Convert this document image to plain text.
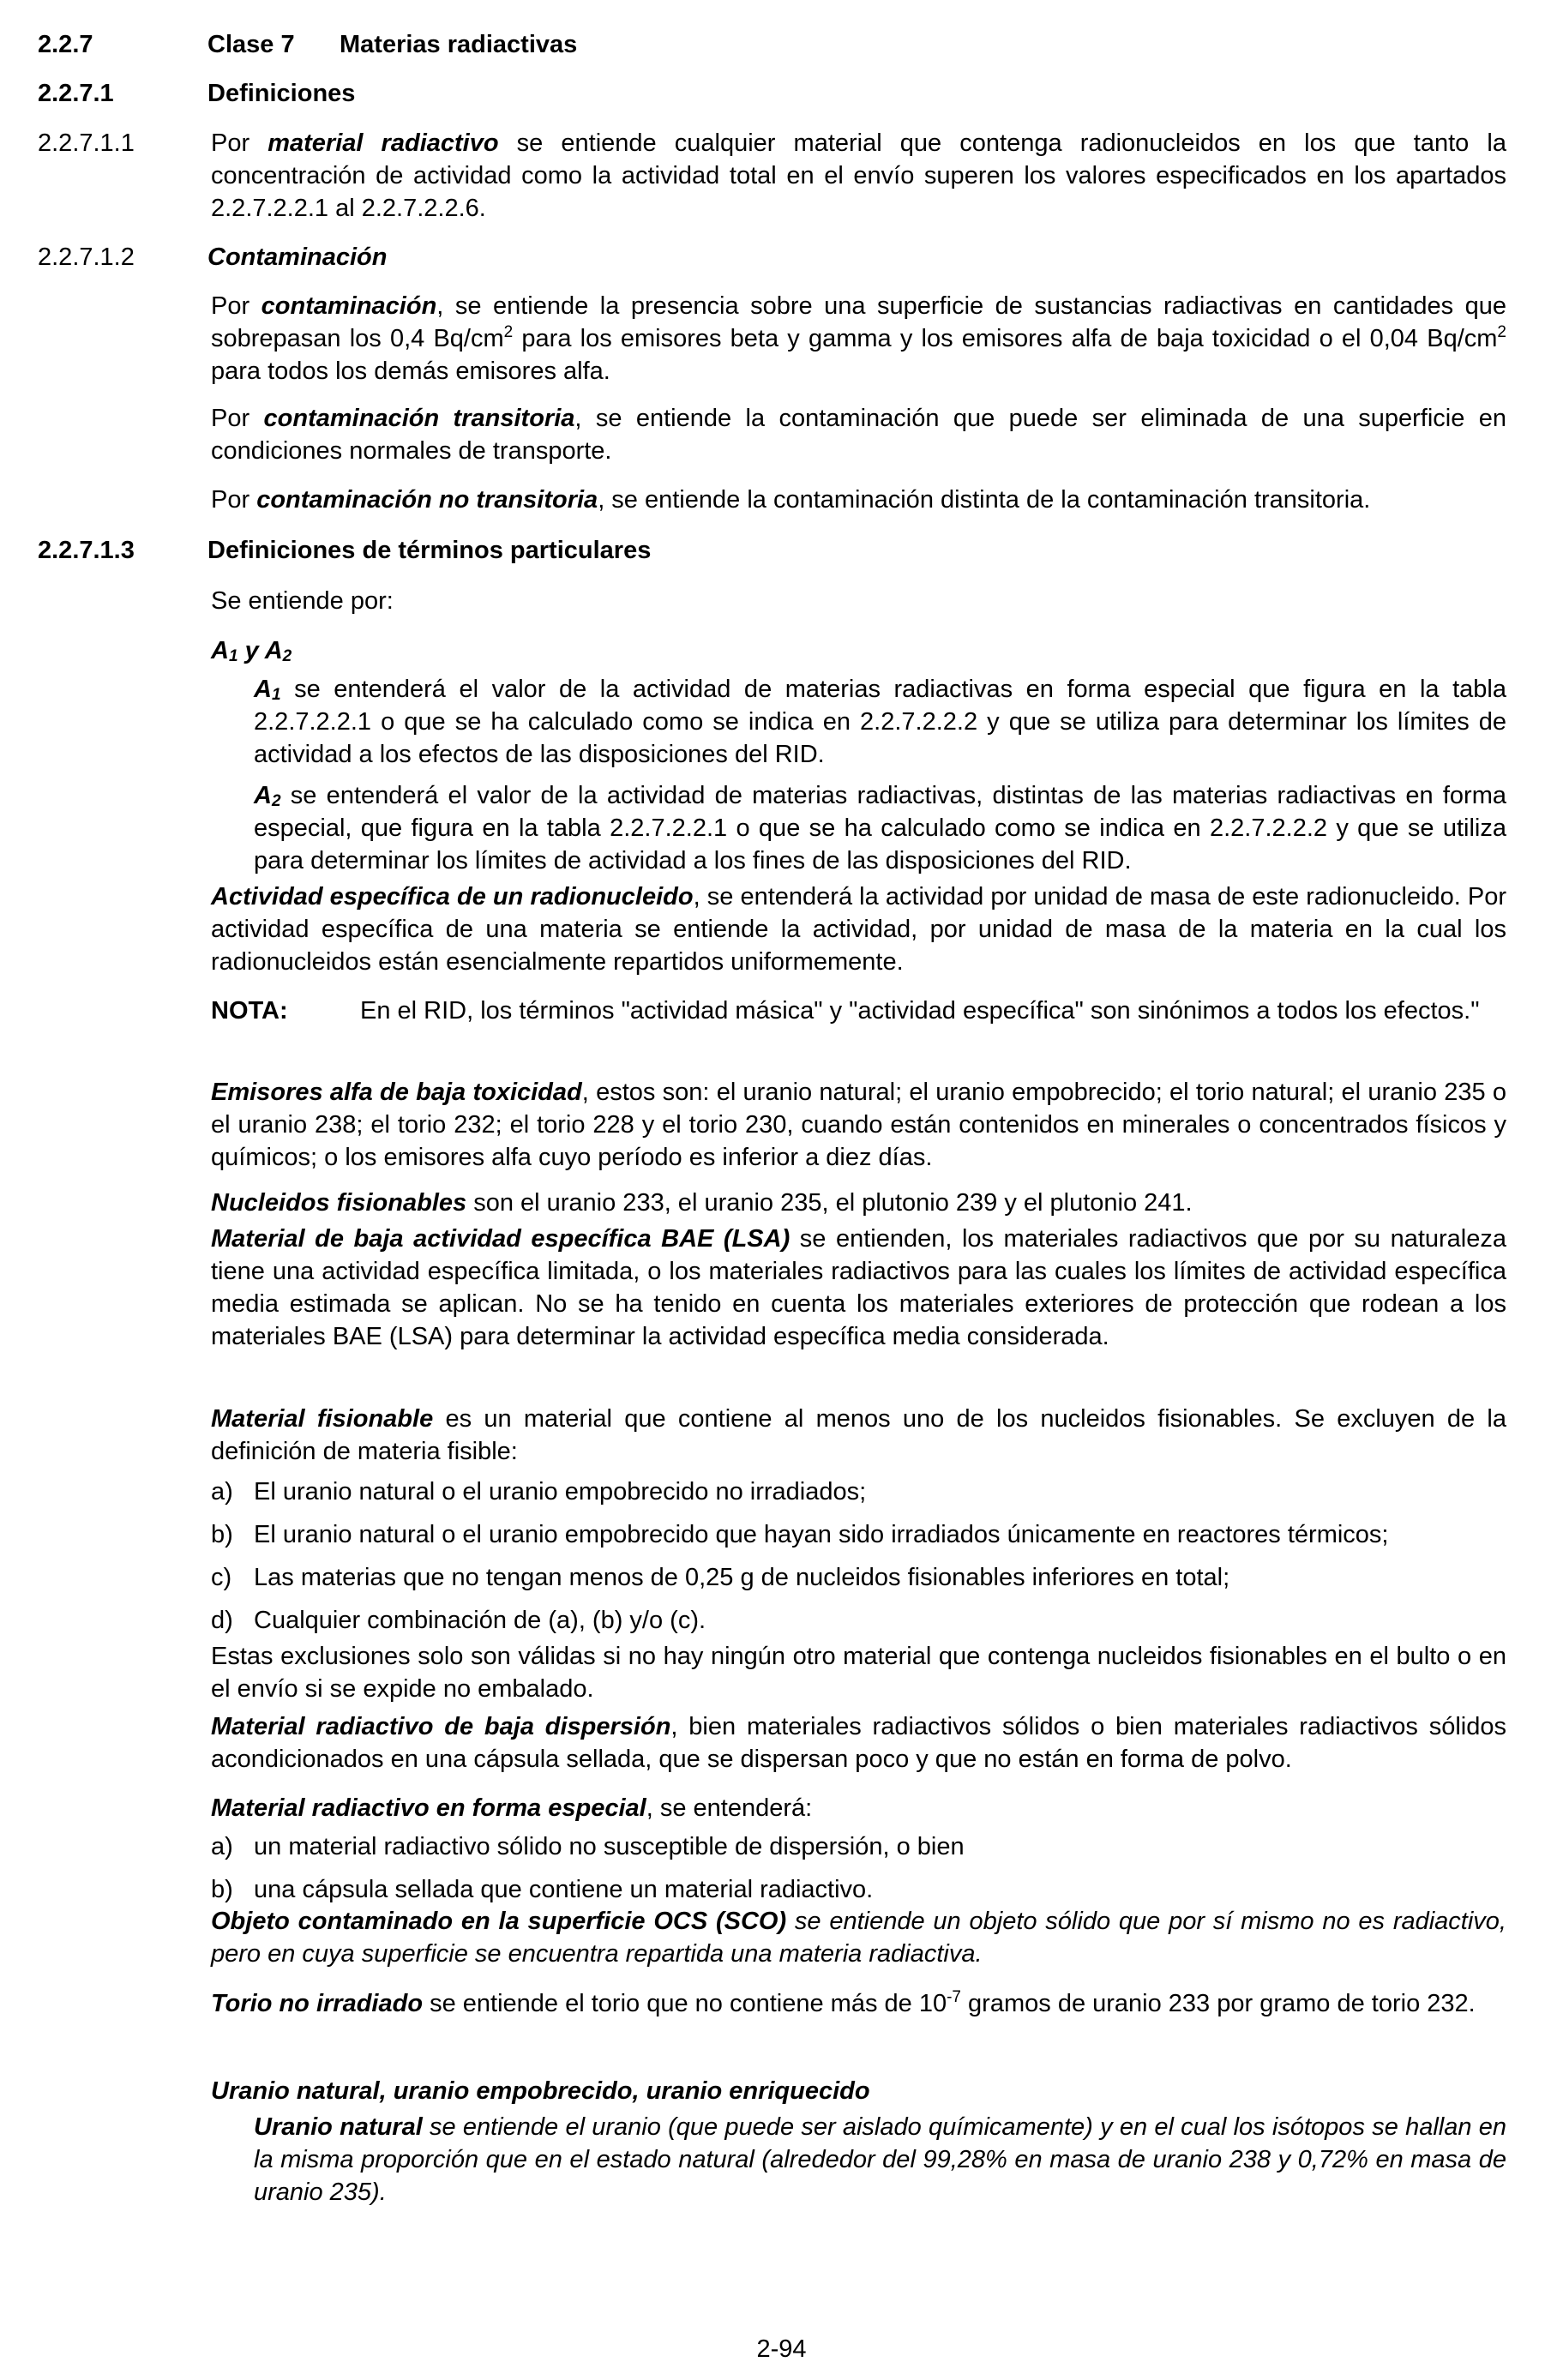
2.2.7	Clase 7 Materias radiactivas
2.2.7.1	Definiciones
2.2.7.1.1	Por material radiactivo se entiende cualquier material que contenga radionucleidos en los que tanto la concentración de actividad como la actividad total en el envío superen los valores especificados en los apartados 2.2.7.2.2.1 al 2.2.7.2.2.6.
2.2.7.1.2	Contaminación
Por contaminación, se entiende la presencia sobre una superficie de sustancias radiactivas en cantidades que sobrepasan los 0,4 $Bq/cm^2$ para los emisores beta y gamma y los emisores alfa de baja toxicidad o el 0,04 $Bq/cm^2$ para todos los demás emisores alfa.
Por contaminación transitoria, se entiende la contaminación que puede ser eliminada de una superficie en condiciones normales de transporte.
Por contaminación no transitoria, se entiende la contaminación distinta de la contaminación transitoria.
2.2.7.1.3	Definiciones de términos particulares
Se entiende por:
$A_1$ y $A_2$
$A_1$ se entenderá el valor de la actividad de materias radiactivas en forma especial que figura en la tabla 2.2.7.2.2.1 o que se ha calculado como se indica en 2.2.7.2.2.2 y que se utiliza para determinar los límites de actividad a los efectos de las disposiciones del RID.
$A_2$ se entenderá el valor de la actividad de materias radiactivas, distintas de las materias radiactivas en forma especial, que figura en la tabla 2.2.7.2.2.1 o que se ha calculado como se indica en 2.2.7.2.2.2 y que se utiliza para determinar los límites de actividad a los fines de las disposiciones del RID.
Actividad específica de un radionucleido, se entenderá la actividad por unidad de masa de este radionucleido. Por actividad específica de una materia se entiende la actividad, por unidad de masa de la materia en la cual los radionucleidos están esencialmente repartidos uniformemente.
NOTA:	En el RID, los términos "actividad másica" y "actividad específica" son sinónimos a todos los efectos."
Emisores alfa de baja toxicidad, estos son: el uranio natural; el uranio empobrecido; el torio natural; el uranio 235 o el uranio 238; el torio 232; el torio 228 y el torio 230, cuando están contenidos en minerales o concentrados físicos y químicos; o los emisores alfa cuyo período es inferior a diez días.
Nucleidos fisionables son el uranio 233, el uranio 235, el plutonio 239 y el plutonio 241.
Material de baja actividad específica BAE (LSA) se entienden, los materiales radiactivos que por su naturaleza tiene una actividad específica limitada, o los materiales radiactivos para las cuales los límites de actividad específica media estimada se aplican. No se ha tenido en cuenta los materiales exteriores de protección que rodean a los materiales BAE (LSA) para determinar la actividad específica media considerada.
Material fisionable es un material que contiene al menos uno de los nucleidos fisionables. Se excluyen de la definición de materia fisible:
a) El uranio natural o el uranio empobrecido no irradiados;
b) El uranio natural o el uranio empobrecido que hayan sido irradiados únicamente en reactores térmicos;
c) Las materias que no tengan menos de 0,25 g de nucleidos fisionables inferiores en total;
d) Cualquier combinación de (a), (b) y/o (c).
Estas exclusiones solo son válidas si no hay ningún otro material que contenga nucleidos fisionables en el bulto o en el envío si se expide no embalado.
Material radiactivo de baja dispersión, bien materiales radiactivos sólidos o bien materiales radiactivos sólidos acondicionados en una cápsula sellada, que se dispersan poco y que no están en forma de polvo.
Material radiactivo en forma especial, se entenderá:
a) un material radiactivo sólido no susceptible de dispersión, o bien
b) una cápsula sellada que contiene un material radiactivo.
Objeto contaminado en la superficie OCS (SCO) se entiende un objeto sólido que por sí mismo no es radiactivo, pero en cuya superficie se encuentra repartida una materia radiactiva.
Torio no irradiado se entiende el torio que no contiene más de $10^{-7}$ gramos de uranio 233 por gramo de torio 232.
Uranio natural, uranio empobrecido, uranio enriquecido
Uranio natural se entiende el uranio (que puede ser aislado químicamente) y en el cual los isótopos se hallan en la misma proporción que en el estado natural (alrededor del 99,28% en masa de uranio 238 y 0,72% en masa de uranio 235).
2-94
